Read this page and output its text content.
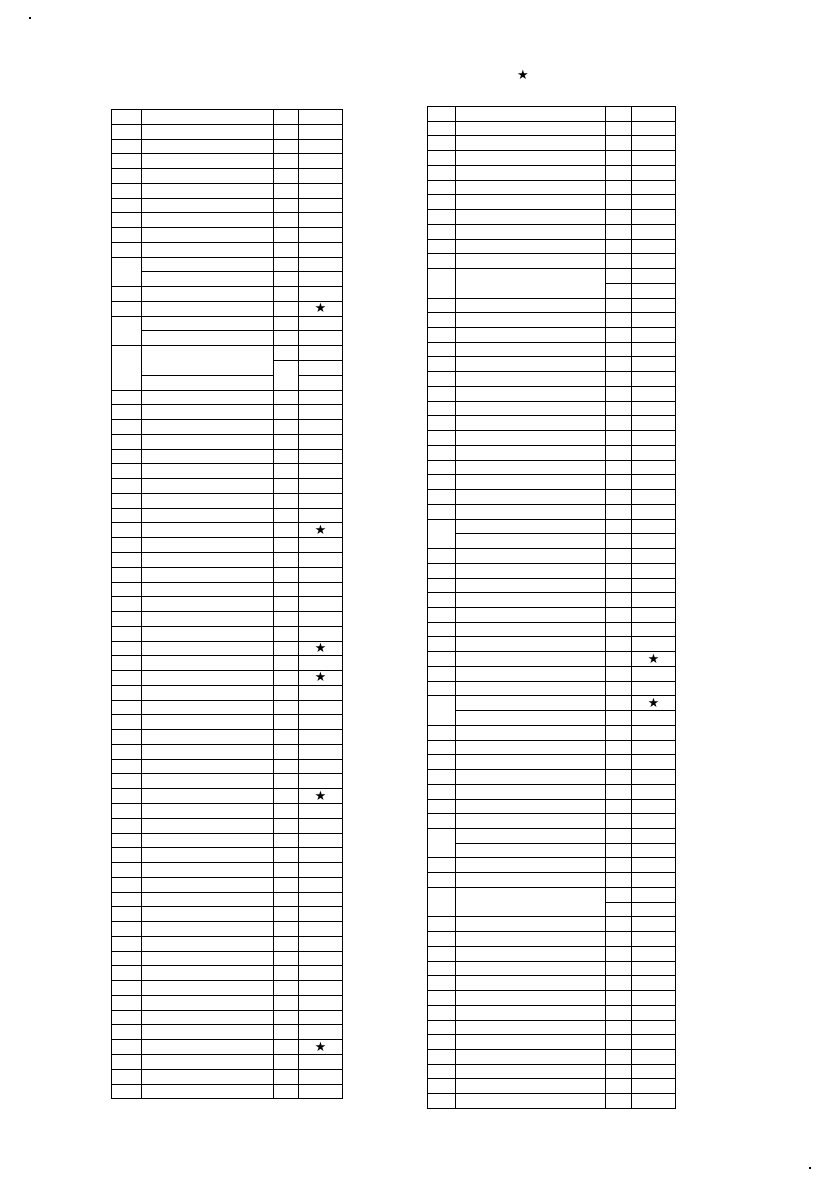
★

			★

			★

			★

			★

			★

			★

			★

			★
